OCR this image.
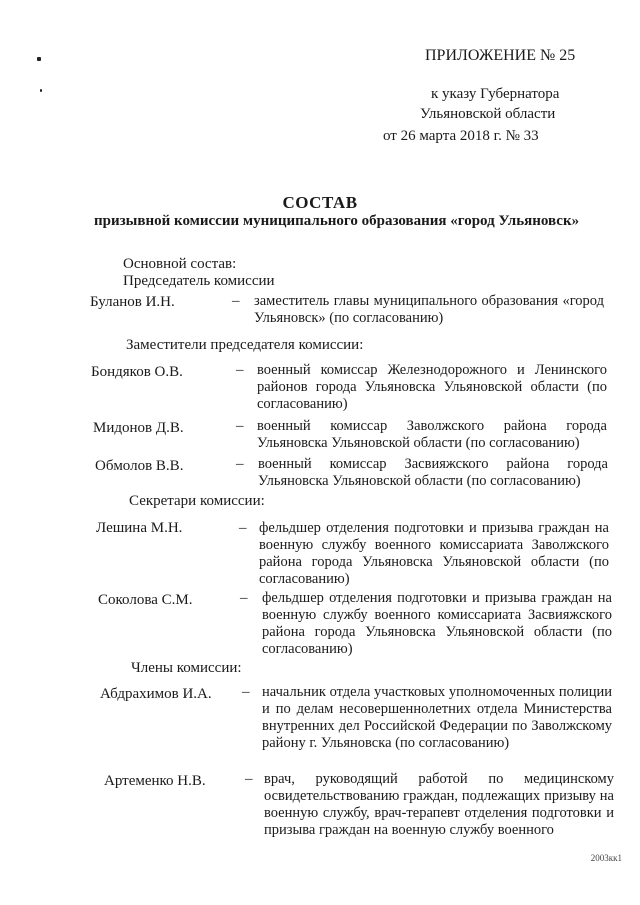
ПРИЛОЖЕНИЕ № 25
к указу Губернатора
Ульяновской области
от 26 марта 2018 г. № 33
СОСТАВ
призывной комиссии муниципального образования «город Ульяновск»
Основной состав:
Председатель комиссии
Буланов И.Н.	– заместитель главы муниципального образования «город Ульяновск» (по согласованию)
Заместители председателя комиссии:
Бондяков О.В.	– военный комиссар Железнодорожного и Ленинского районов города Ульяновска Ульяновской области (по согласованию)
Мидонов Д.В.	– военный комиссар Заволжского района города Ульяновска Ульяновской области (по согласованию)
Обмолов В.В.	– военный комиссар Засвияжского района города Ульяновска Ульяновской области (по согласованию)
Секретари комиссии:
Лешина М.Н.	– фельдшер отделения подготовки и призыва граждан на военную службу военного комиссариата Заволжского района города Ульяновска Ульяновской области (по согласованию)
Соколова С.М.	– фельдшер отделения подготовки и призыва граждан на военную службу военного комиссариата Засвияжского района города Ульяновска Ульяновской области (по согласованию)
Члены комиссии:
Абдрахимов И.А. – начальник отдела участковых уполномоченных полиции и по делам несовершеннолетних отдела Министерства внутренних дел Российской Федерации по Заволжскому району г. Ульяновска (по согласованию)
Артеменко Н.В.	– врач, руководящий работой по медицинскому освидетельствованию граждан, подлежащих призыву на военную службу, врач-терапевт отделения подготовки и призыва граждан на военную службу военного
2003кк1
